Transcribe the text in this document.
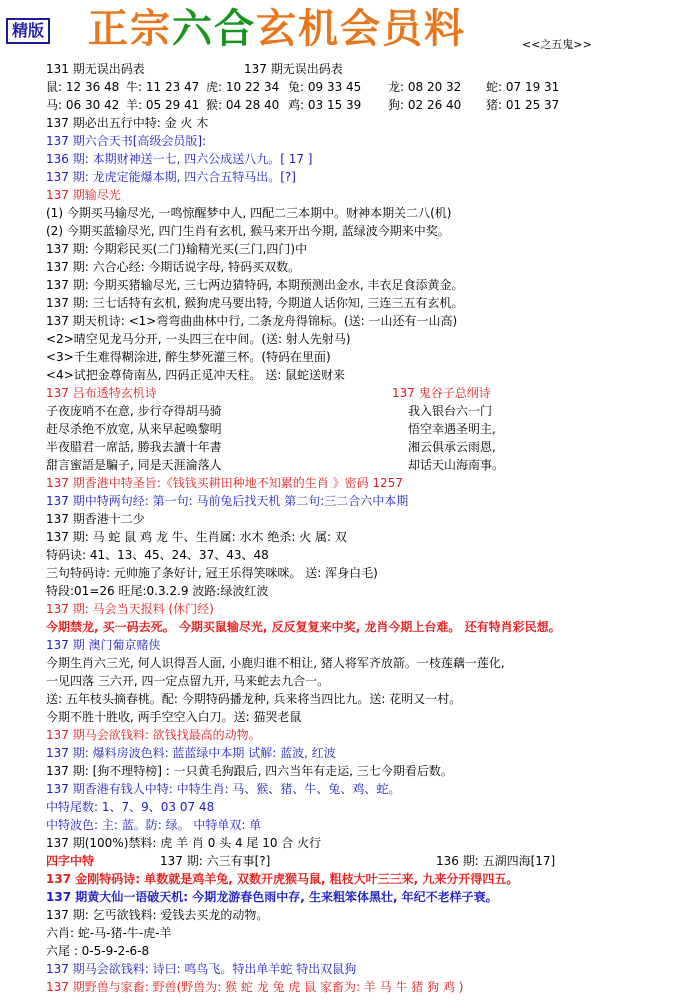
精版 正宗六合玄机会员料	<<之五鬼>>
131 期无误出码表	137 期无误出码表
鼠: 12 36 48 牛: 11 23 47 虎: 10 22 34 兔: 09 33 45 龙: 08 20 32 蛇: 07 19 31
马: 06 30 42 羊: 05 29 41 猴: 04 28 40 鸡: 03 15 39 狗: 02 26 40 猪: 01 25 37
137 期必出五行中特: 金 火 木
137 期六合天书[高级会员版]:
136 期: 本期财神送一七, 四六公成送八九。[ 17 ]
137 期: 龙虎定能爆本期, 四六合五特马出。[?]
137 期输尽光
(1) 今期买马输尽光, 一鸣惊醒梦中人, 四配二三本期中。财神本期关二八(机)
(2) 今期买蓝输尽光, 四门生肖有玄机, 猴马来开出今期, 蓝绿波今期来中奖。
137 期: 今期彩民买(二门)输精光买(三门,四门)中
137 期: 六合心经: 今期话说字母, 特码买双数。
137 期: 今期买猪输尽光, 三七两边猜特码, 本期预测出金水, 丰衣足食添黄金。
137 期: 三七话特有玄机, 猴狗虎马要出特, 今期道人话你知, 三连三五有玄机。
137 期天机诗: <1>弯弯曲曲林中行, 二条龙舟得锦标。(送: 一山还有一山高)
<2>晴空见龙马分开, 一头四三在中间。(送: 射人先射马)
<3>千生难得糊涂进, 醉生梦死灌三杯。(特码在里面)
<4>试把金尊倚南丛, 四码正觅冲天柱。 送: 鼠蛇送财来
137 吕布透特玄机诗	137 鬼谷子总纲诗
子夜庞哨不在意, 步行夺得胡马骑	我入银台六一门
赶尽杀绝不放宽, 从来早起唤黎明	悟空幸遇圣明主,
半夜腊君一席話, 勝我去讀十年書	湘云俱承云雨恩,
甜言蜜語是騙子, 同是天涯淪落人	却话天山海南事。
137 期香港中特圣旨:《钱钱买耕田种地不知累的生肖 》密码 1257
137 期中特两句经: 第一句: 马前兔后找天机 第二句:三二合六中本期
137 期香港十二少
137 期: 马 蛇 鼠 鸡 龙 牛、生肖属: 水木 绝杀: 火 属: 双
特码诀: 41、13、45、24、37、43、48
三句特码诗: 元帅施了条好计, 冠王乐得笑咪咪。 送: 浑身白毛)
特段:01=26 旺尾:0.3.2.9 波路:绿波红波
137 期: 马会当天报料 (休门经)
今期禁龙, 买一码去死。 今期买鼠输尽光, 反反复复来中奖, 龙肖今期上台难。 还有特肖彩民想。
137 期 澳门葡京赌侠
今期生肖六三光, 何人识得吾人面, 小鹿归谁不相让, 猪人将军齐放箭。一枝莲藕一莲化,
一见四落 三六开, 四一定点留九开, 马来蛇去九合一。
送: 五年枝头摘春桃。配: 今期特码播龙种, 兵来将当四比九。送: 花明又一村。
今期不胜十胜收, 两手空空入白刀。送: 猫哭老鼠
137 期马会欲钱料: 欲钱找最高的动物。
137 期: 爆料房波色料: 蓝蓝绿中本期 试解: 蓝波, 红波
137 期: [狗不理特榜] : 一只黄毛狗跟后, 四六当年有走运, 三七今期看后数。
137 期香港有钱人中特: 中特生肖: 马、猴、猪、牛、兔、鸡、蛇。
中特尾数: 1、7、9、03 07 48
中特波色: 主: 蓝。防: 绿。 中特单双: 单
137 期(100%)禁料: 虎 羊 肖 0 头 4 尾 10 合 火行
四字中特	137 期: 六三有事[?]	136 期: 五湖四海[17]
137 金刚特码诗: 单数就是鸡羊兔, 双数开虎猴马鼠, 粗枝大叶三三来, 九来分开得四五。
137 期黄大仙一语破天机: 今期龙游春色雨中存, 生来粗笨体黑壮, 年纪不老样子衰。
137 期: 乞丐欲钱料: 爱钱去买龙的动物。
六肖: 蛇-马-猪-牛-虎-羊
六尾 : 0-5-9-2-6-8
137 期马会欲钱料: 诗曰: 鸣鸟飞。特出单羊蛇 特出双鼠狗
137 期野兽与家畜: 野兽(野兽为: 猴 蛇 龙 兔 虎 鼠 家畜为: 羊 马 牛 猪 狗 鸡 )
